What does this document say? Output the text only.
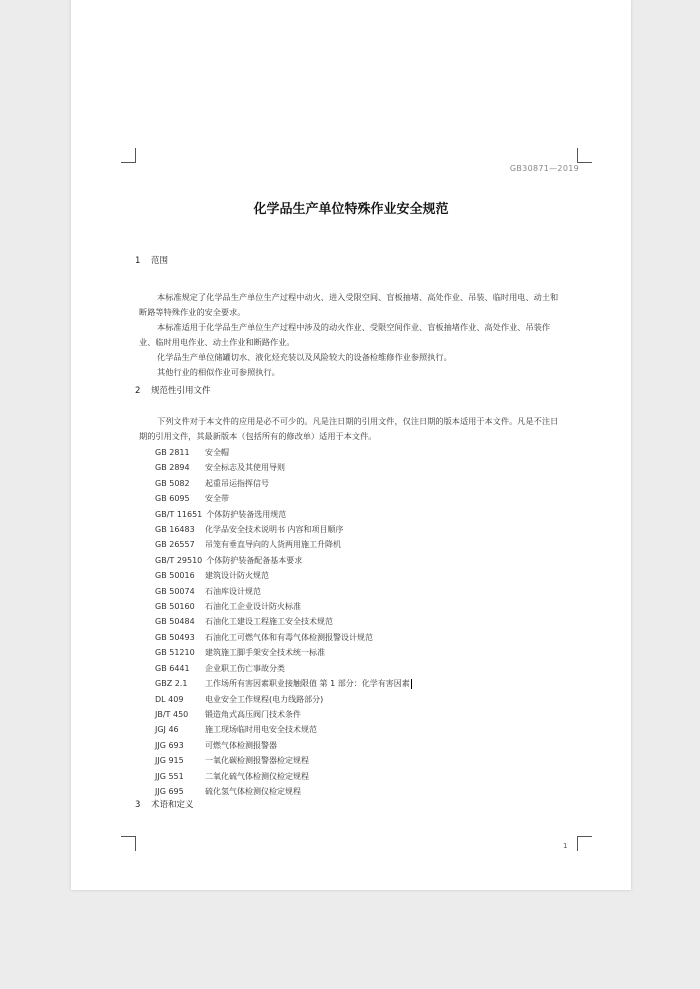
GB30871—2019
化学品生产单位特殊作业安全规范
1 范围

本标准规定了化学品生产单位生产过程中动火、进入受限空间、盲板抽堵、高处作业、吊装、临时用电、动土和断路等特殊作业的安全要求。

本标准适用于化学品生产单位生产过程中涉及的动火作业、受限空间作业、盲板抽堵作业、高处作业、吊装作业、临时用电作业、动土作业和断路作业。

化学品生产单位储罐切水、液化烃充装以及风险较大的设备检维修作业参照执行。

其他行业的相似作业可参照执行。

2 规范性引用文件

下列文件对于本文件的应用是必不可少的。凡是注日期的引用文件，仅注日期的版本适用于本文件。凡是不注日期的引用文件，其最新版本（包括所有的修改单）适用于本文件。

GB 2811 安全帽
GB 2894 安全标志及其使用导则
GB 5082 起重吊运指挥信号
GB 6095 安全带
GB/T 11651 个体防护装备选用规范
GB 16483 化学品安全技术说明书 内容和项目顺序
GB 26557 吊笼有垂直导向的人货两用施工升降机
GB/T 29510 个体防护装备配备基本要求
GB 50016 建筑设计防火规范
GB 50074 石油库设计规范
GB 50160 石油化工企业设计防火标准
GB 50484 石油化工建设工程施工安全技术规范
GB 50493 石油化工可燃气体和有毒气体检测报警设计规范
GB 51210 建筑施工脚手架安全技术统一标准
GB 6441 企业职工伤亡事故分类
GBZ 2.1 工作场所有害因素职业接触限值 第 1 部分：化学有害因素
DL 409	电业安全工作规程(电力线路部分)
JB/T 450 锻造角式高压阀门技术条件
JGJ 46	施工现场临时用电安全技术规范
JJG 693	可燃气体检测报警器
JJG 915	一氧化碳检测报警器检定规程
JJG 551	二氧化硫气体检测仪检定规程
JJG 695	硫化氢气体检测仪检定规程
3 术语和定义
1
